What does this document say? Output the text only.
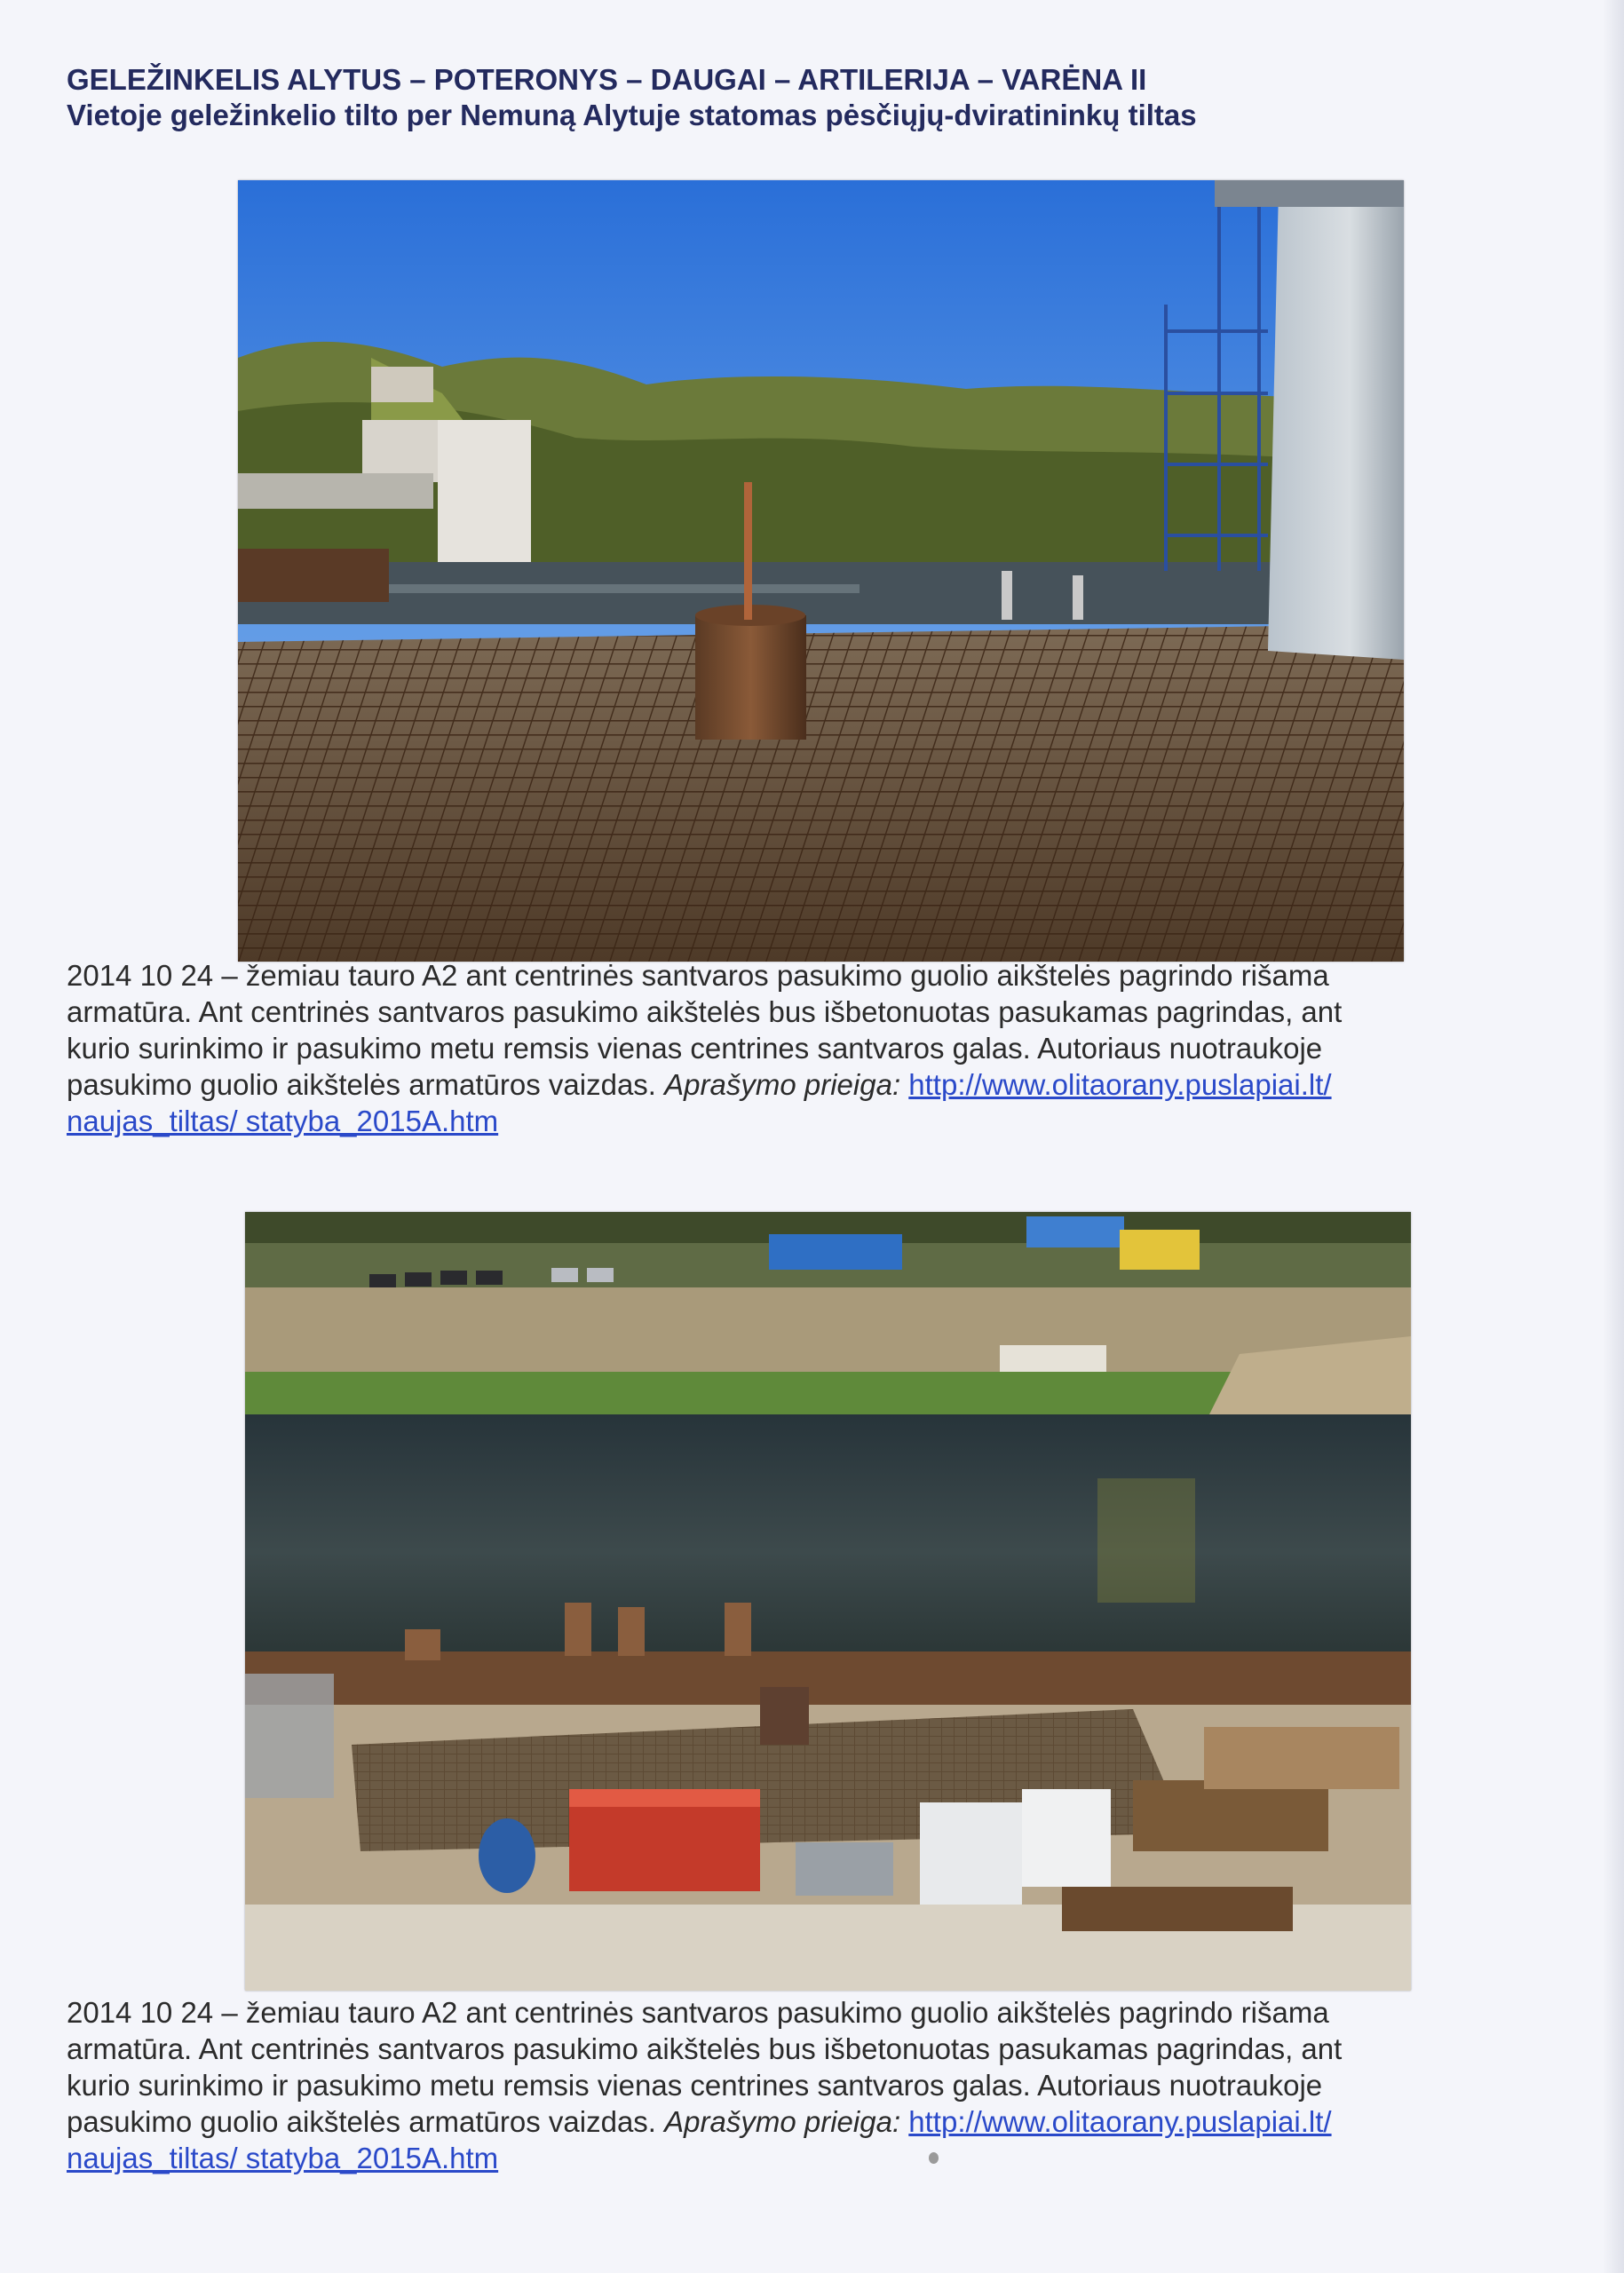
GELEŽINKELIS ALYTUS – POTERONYS – DAUGAI – ARTILERIJA – VARĖNA II
Vietoje geležinkelio tilto per Nemuną Alytuje statomas pėsčiųjų-dviratininkų tiltas
2014 10 24 – žemiau tauro A2 ant centrinės santvaros pasukimo guolio aikštelės pagrindo rišama
armatūra. Ant centrinės santvaros pasukimo aikštelės bus išbetonuotas pasukamas pagrindas, ant
kurio surinkimo ir pasukimo metu remsis vienas centrines santvaros galas. Autoriaus nuotraukoje
pasukimo guolio aikštelės armatūros vaizdas. Aprašymo prieiga: http://www.olitaorany.puslapiai.lt/
naujas_tiltas/ statyba_2015A.htm
2014 10 24 – žemiau tauro A2 ant centrinės santvaros pasukimo guolio aikštelės pagrindo rišama
armatūra. Ant centrinės santvaros pasukimo aikštelės bus išbetonuotas pasukamas pagrindas, ant
kurio surinkimo ir pasukimo metu remsis vienas centrines santvaros galas. Autoriaus nuotraukoje
pasukimo guolio aikštelės armatūros vaizdas. Aprašymo prieiga: http://www.olitaorany.puslapiai.lt/
naujas_tiltas/ statyba_2015A.htm
